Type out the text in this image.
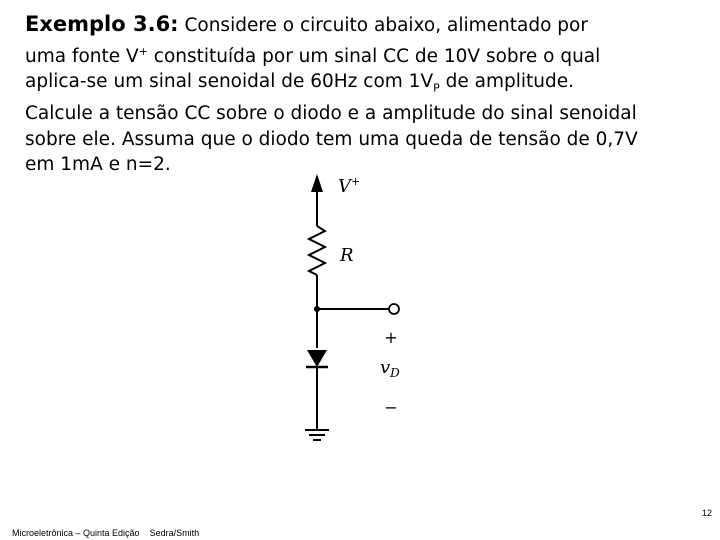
Exemplo 3.6: Considere o circuito abaixo, alimentado por
uma fonte V+ constituída por um sinal CC de 10V sobre o qual
aplica-se um sinal senoidal de 60Hz com $1V_P$ de amplitude.
Calcule a tensão CC sobre o diodo e a amplitude do sinal senoidal
sobre ele. Assuma que o diodo tem uma queda de tensão de 0,7V
em 1mA e n=2.

V+
R
+
$v_D$
−
12
Microeletrônica – Quinta Edição Sedra/Smith
